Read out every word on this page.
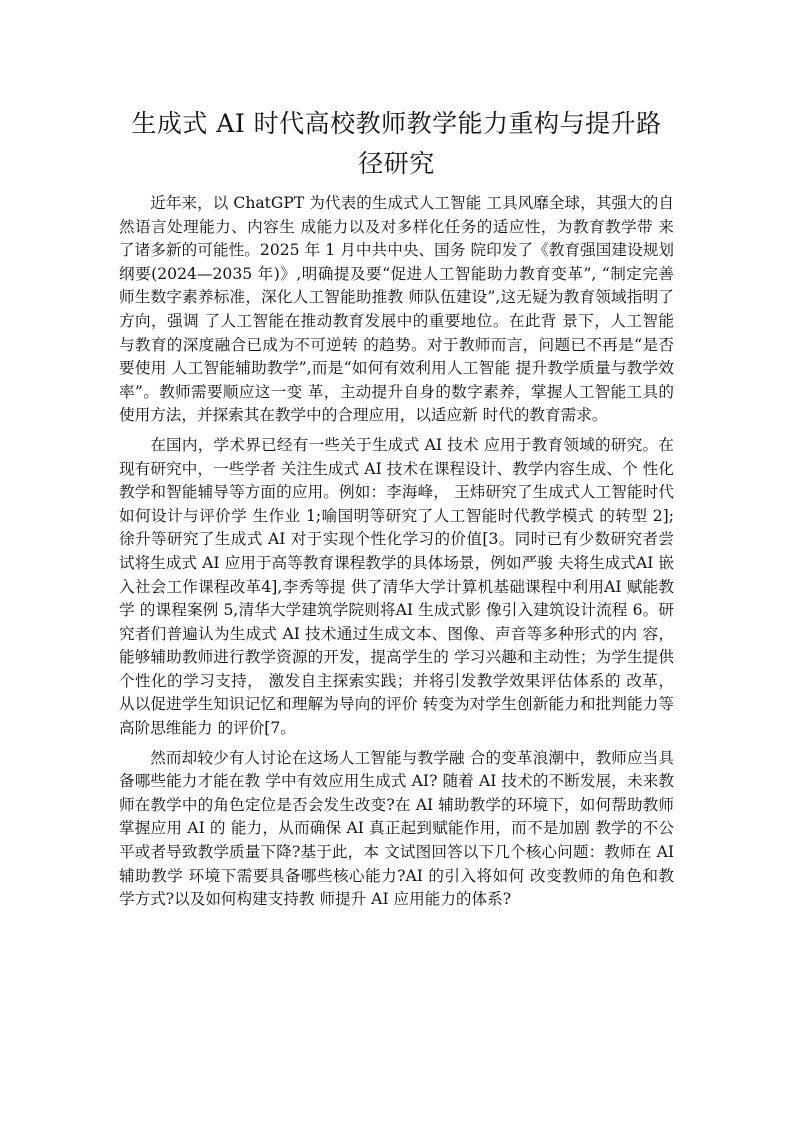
生成式 AI 时代高校教师教学能力重构与提升路径研究

近年来，以 ChatGPT 为代表的生成式人工智能 工具风靡全球，其强大的自然语言处理能力、内容生 成能力以及对多样化任务的适应性，为教育教学带 来了诸多新的可能性。2025 年 1 月中共中央、国务 院印发了《教育强国建设规划纲要(2024—2035 年)》,明确提及要“促进人工智能助力教育变革”, “制定完善师生数字素养标准，深化人工智能助推教 师队伍建设”,这无疑为教育领域指明了方向，强调 了人工智能在推动教育发展中的重要地位。在此背 景下，人工智能与教育的深度融合已成为不可逆转 的趋势。对于教师而言，问题已不再是“是否要使用 人工智能辅助教学”,而是“如何有效利用人工智能 提升教学质量与教学效率”。教师需要顺应这一变 革，主动提升自身的数字素养，掌握人工智能工具的 使用方法，并探索其在教学中的合理应用，以适应新 时代的教育需求。

在国内，学术界已经有一些关于生成式 AI 技术 应用于教育领域的研究。在现有研究中，一些学者 关注生成式 AI 技术在课程设计、教学内容生成、个 性化教学和智能辅导等方面的应用。例如：李海峰， 王炜研究了生成式人工智能时代如何设计与评价学 生作业 1;喻国明等研究了人工智能时代教学模式 的转型 2];徐升等研究了生成式 AI 对于实现个性化学习的价值[3。同时已有少数研究者尝试将生成式 AI 应用于高等教育课程教学的具体场景，例如严骏 夫将生成式AI 嵌入社会工作课程改革4],李秀等提 供了清华大学计算机基础课程中利用AI 赋能教学 的课程案例 5,清华大学建筑学院则将AI 生成式影 像引入建筑设计流程 6。研究者们普遍认为生成式 AI 技术通过生成文本、图像、声音等多种形式的内 容，能够辅助教师进行教学资源的开发，提高学生的 学习兴趣和主动性；为学生提供个性化的学习支持， 激发自主探索实践；并将引发教学效果评估体系的 改革，从以促进学生知识记忆和理解为导向的评价 转变为对学生创新能力和批判能力等高阶思维能力 的评价[7。

然而却较少有人讨论在这场人工智能与教学融 合的变革浪潮中，教师应当具备哪些能力才能在教 学中有效应用生成式 AI? 随着 AI 技术的不断发展，未来教师在教学中的角色定位是否会发生改变?在 AI 辅助教学的环境下，如何帮助教师掌握应用 AI 的 能力，从而确保 AI 真正起到赋能作用，而不是加剧 教学的不公平或者导致教学质量下降?基于此，本 文试图回答以下几个核心问题：教师在 AI 辅助教学 环境下需要具备哪些核心能力?AI 的引入将如何 改变教师的角色和教学方式?以及如何构建支持教 师提升 AI 应用能力的体系?
